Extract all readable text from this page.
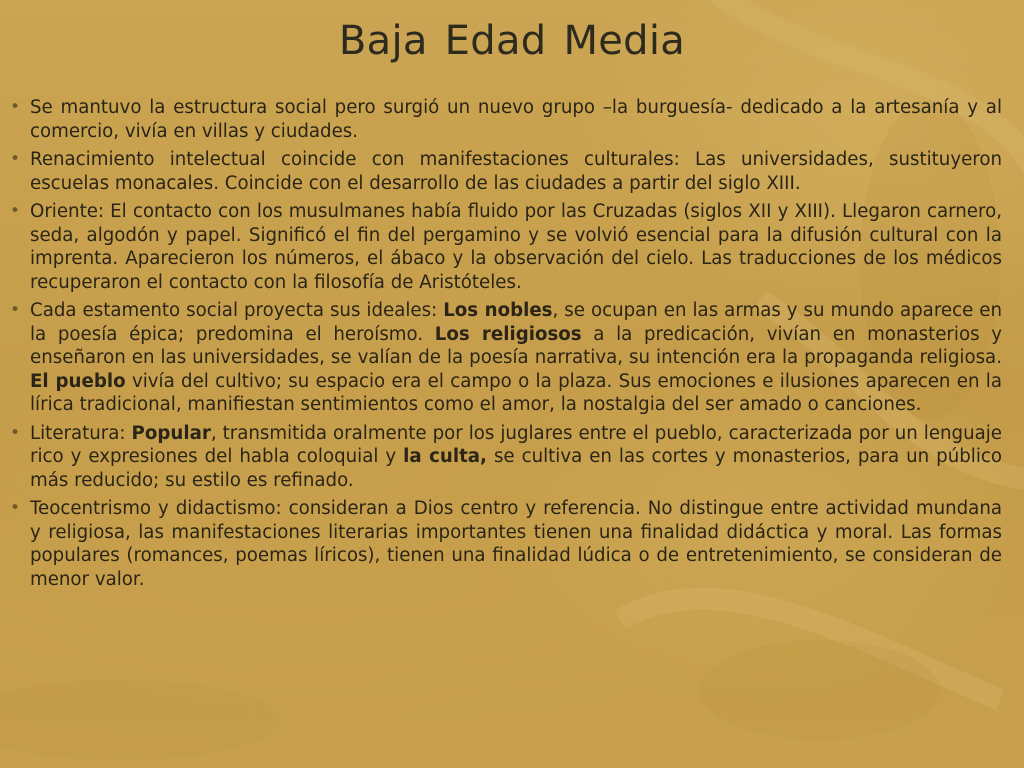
Baja Edad Media
• Se mantuvo la estructura social pero surgió un nuevo grupo –la burguesía- dedicado a la artesanía y al comercio, vivía en villas y ciudades.
• Renacimiento intelectual coincide con manifestaciones culturales: Las universidades, sustituyeron escuelas monacales. Coincide con el desarrollo de las ciudades a partir del siglo XIII.
• Oriente: El contacto con los musulmanes había fluido por las Cruzadas (siglos XII y XIII). Llegaron carnero, seda, algodón y papel. Significó el fin del pergamino y se volvió esencial para la difusión cultural con la imprenta. Aparecieron los números, el ábaco y la observación del cielo. Las traducciones de los médicos recuperaron el contacto con la filosofía de Aristóteles.
• Cada estamento social proyecta sus ideales: Los nobles, se ocupan en las armas y su mundo aparece en la poesía épica; predomina el heroísmo. Los religiosos a la predicación, vivían en monasterios y enseñaron en las universidades, se valían de la poesía narrativa, su intención era la propaganda religiosa. El pueblo vivía del cultivo; su espacio era el campo o la plaza. Sus emociones e ilusiones aparecen en la lírica tradicional, manifiestan sentimientos como el amor, la nostalgia del ser amado o canciones.
• Literatura: Popular, transmitida oralmente por los juglares entre el pueblo, caracterizada por un lenguaje rico y expresiones del habla coloquial y la culta, se cultiva en las cortes y monasterios, para un público más reducido; su estilo es refinado.
• Teocentrismo y didactismo: consideran a Dios centro y referencia. No distingue entre actividad mundana y religiosa, las manifestaciones literarias importantes tienen una finalidad didáctica y moral. Las formas populares (romances, poemas líricos), tienen una finalidad lúdica o de entretenimiento, se consideran de menor valor.
